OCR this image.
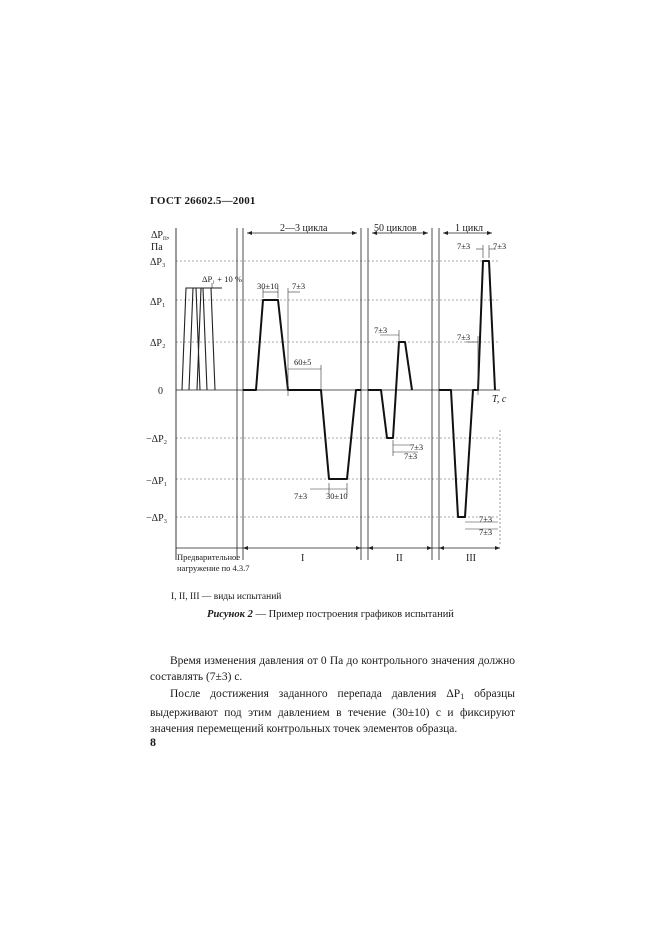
ГОСТ 26602.5—2001
$\Delta P_п$,
Па
ΔP₃
ΔP₁
ΔP₂
0
−ΔP₂
−ΔP₁
−ΔP₃
2—3 цикла	50 циклов	1 цикл
ΔP₁ + 10 %
30±10 7±3
60±5
7±3 30±10
7±3
7±3
7±3
7±3	7±3
7±3
7±3
7±3
T, с
Предварительное
нагружение по 4.3.7
I	II	III
I, II, III — виды испытаний
Рисунок 2 — Пример построения графиков испытаний
Время изменения давления от 0 Па до контрольного значения должно составлять (7±3) с.
После достижения заданного перепада давления $\Delta P_1$ образцы выдерживают под этим давлением в течение (30±10) с и фиксируют значения перемещений контрольных точек элементов образца.
8
